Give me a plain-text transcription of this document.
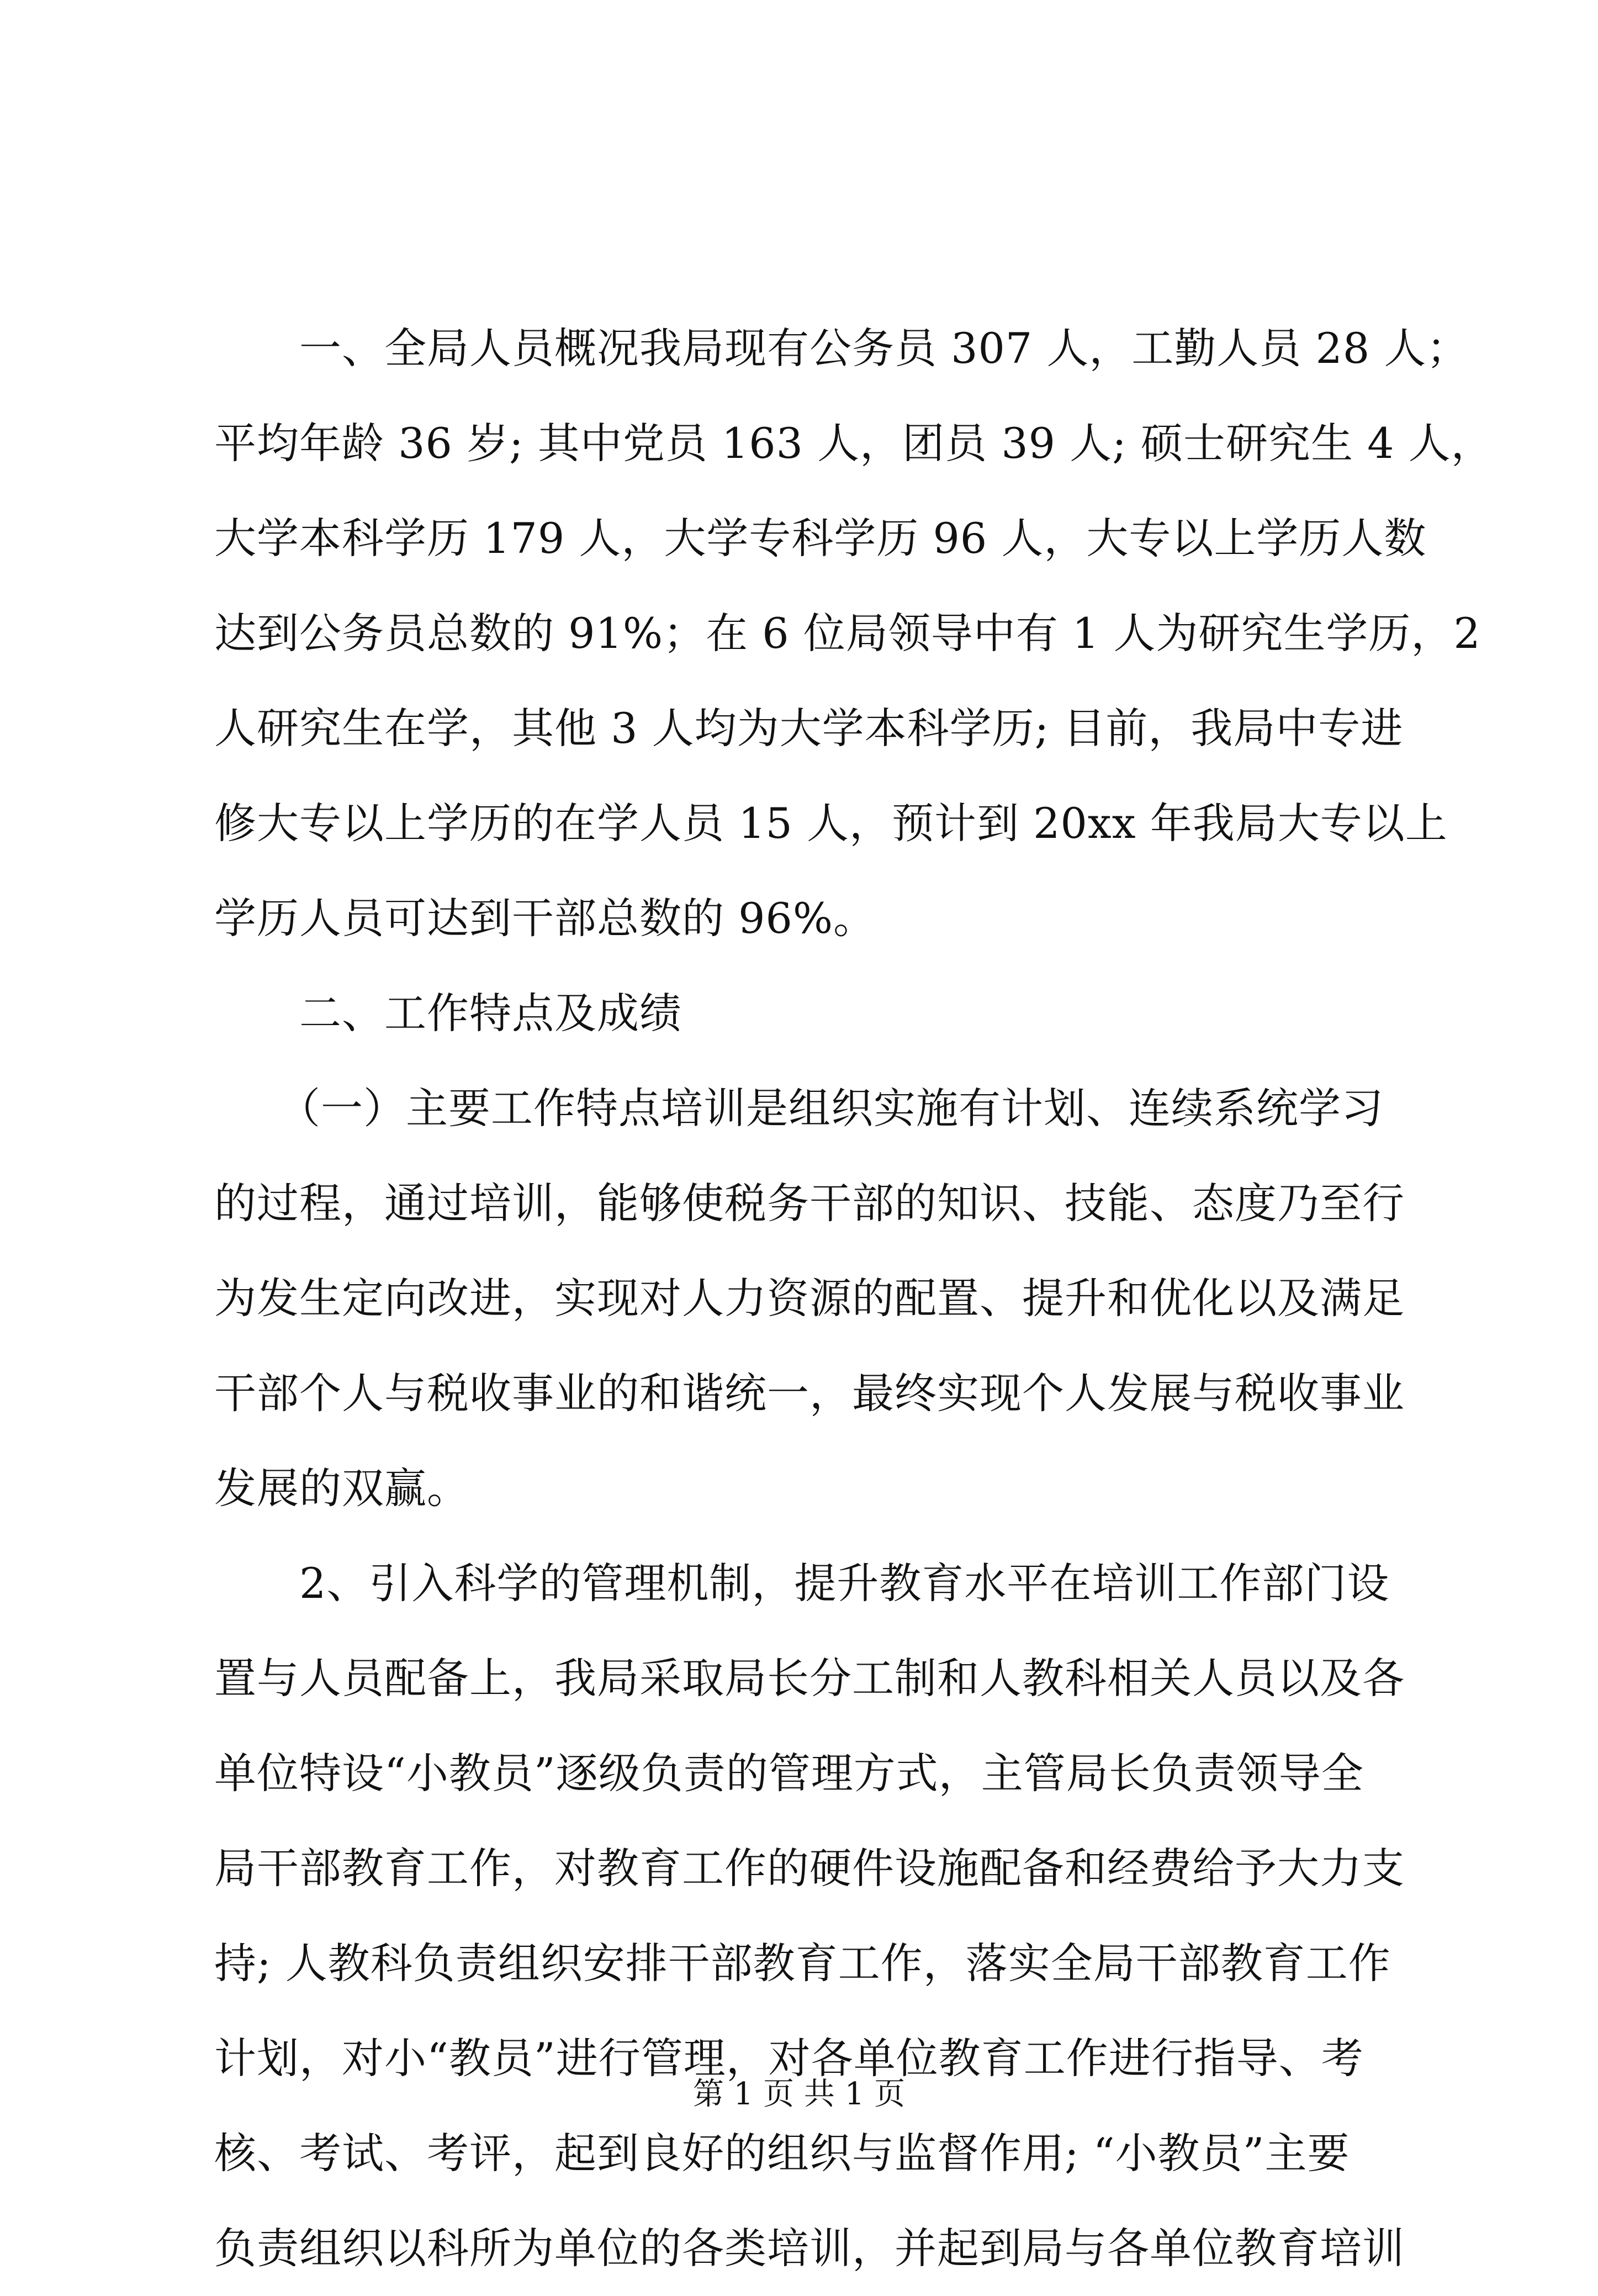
　　一、全局人员概况我局现有公务员 307 人，工勤人员 28 人；
平均年龄 36 岁; 其中党员 163 人，团员 39 人; 硕士研究生 4 人，
大学本科学历 179 人，大学专科学历 96 人，大专以上学历人数
达到公务员总数的 91%；在 6 位局领导中有 1 人为研究生学历，2
人研究生在学，其他 3 人均为大学本科学历; 目前，我局中专进
修大专以上学历的在学人员 15 人，预计到 20xx 年我局大专以上
学历人员可达到干部总数的 96%。
　　二、工作特点及成绩
　　（一）主要工作特点培训是组织实施有计划、连续系统学习
的过程，通过培训，能够使税务干部的知识、技能、态度乃至行
为发生定向改进，实现对人力资源的配置、提升和优化以及满足
干部个人与税收事业的和谐统一，最终实现个人发展与税收事业
发展的双赢。
　　2、引入科学的管理机制，提升教育水平在培训工作部门设
置与人员配备上，我局采取局长分工制和人教科相关人员以及各
单位特设“小教员”逐级负责的管理方式，主管局长负责领导全
局干部教育工作，对教育工作的硬件设施配备和经费给予大力支
持; 人教科负责组织安排干部教育工作，落实全局干部教育工作
计划，对小“教员”进行管理，对各单位教育工作进行指导、考
核、考试、考评，起到良好的组织与监督作用; “小教员”主要
负责组织以科所为单位的各类培训，并起到局与各单位教育培训
第 1 页 共 1 页
